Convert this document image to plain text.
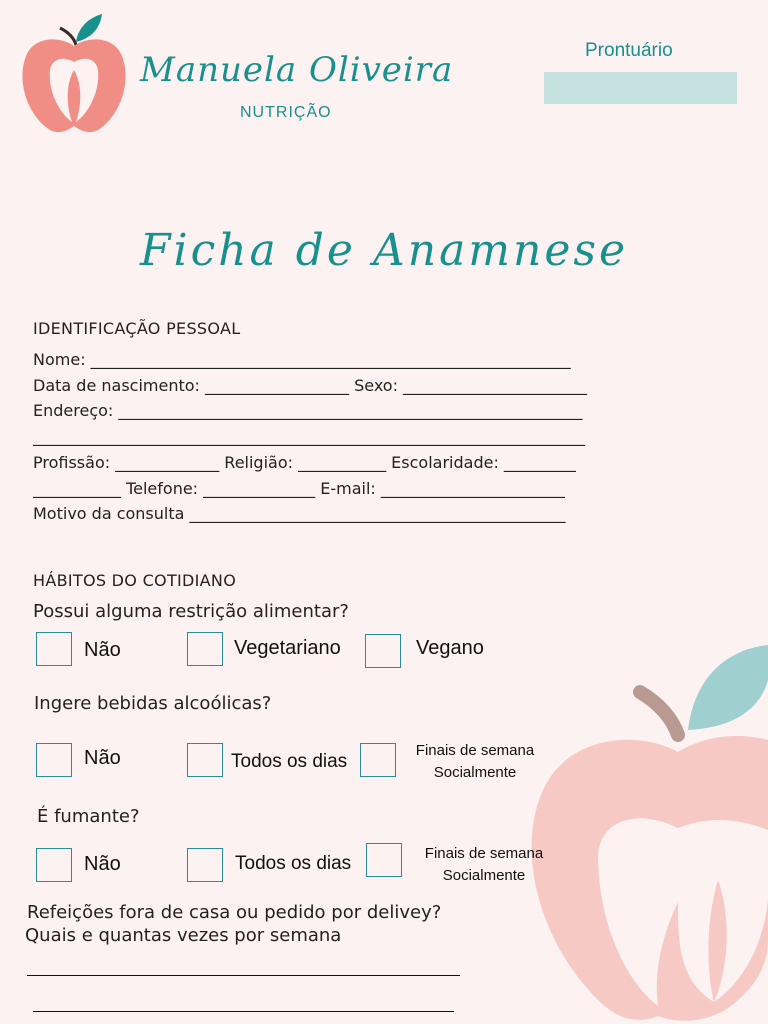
Manuela Oliveira
NUTRIÇÃO
Prontuário
Ficha de Anamnese
IDENTIFICAÇÃO PESSOAL
Nome: ____________________________________________________________
Data de nascimento: __________________ Sexo: _______________________
Endereço: __________________________________________________________
_____________________________________________________________________
Profissão: _____________ Religião: ___________ Escolaridade: _________
___________ Telefone: ______________ E-mail: _______________________
Motivo da consulta _______________________________________________
HÁBITOS DO COTIDIANO
Possui alguma restrição alimentar?
Não	Vegetariano	Vegano
Ingere bebidas alcoólicas?
Não	Todos os dias
Finais de semana
Socialmente
É fumante?
Não	Todos os dias	Finais de semana
Socialmente
Refeições fora de casa ou pedido por delivey?
Quais e quantas vezes por semana
